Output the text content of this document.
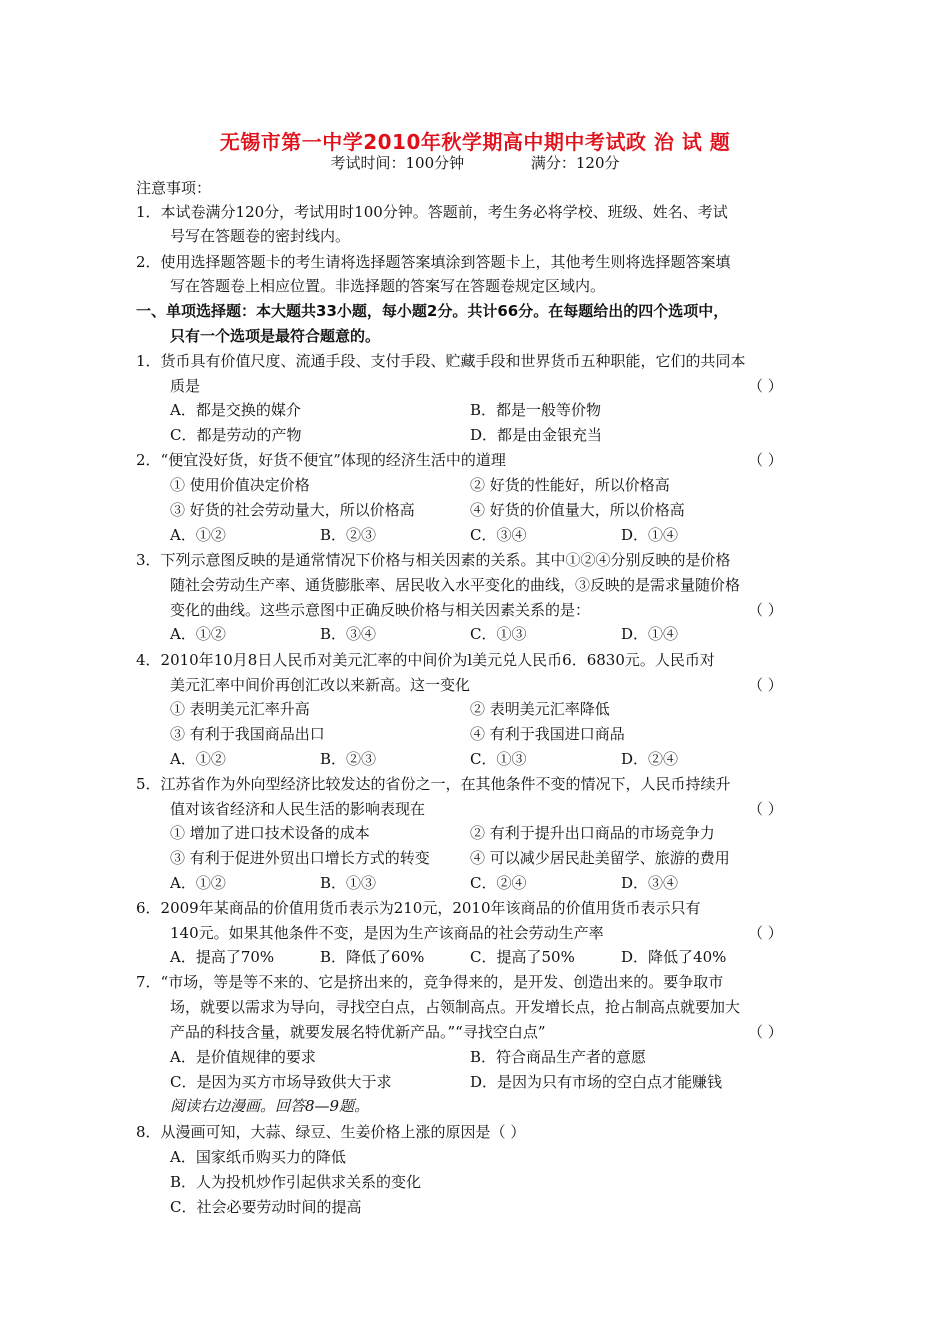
无锡市第一中学2010年秋学期高中期中考试政 治 试 题
考试时间：100分钟              满分：120分
注意事项：
1．本试卷满分120分，考试用时100分钟。答题前，考生务必将学校、班级、姓名、考试
号写在答题卷的密封线内。
2．使用选择题答题卡的考生请将选择题答案填涂到答题卡上，其他考生则将选择题答案填
写在答题卷上相应位置。非选择题的答案写在答题卷规定区域内。
一、单项选择题：本大题共33小题，每小题2分。共计66分。在每题给出的四个选项中，
只有一个选项是最符合题意的。
1．货币具有价值尺度、流通手段、支付手段、贮藏手段和世界货币五种职能，它们的共同本
质是	（ ）
A．都是交换的媒介	B．都是一般等价物
C．都是劳动的产物	D．都是由金银充当
2．“便宜没好货，好货不便宜”体现的经济生活中的道理	（ ）
① 使用价值决定价格	② 好货的性能好，所以价格高
③ 好货的社会劳动量大，所以价格高	④ 好货的价值量大，所以价格高
A．①②	B．②③	C．③④	D．①④
3．下列示意图反映的是通常情况下价格与相关因素的关系。其中①②④分别反映的是价格
随社会劳动生产率、通货膨胀率、居民收入水平变化的曲线，③反映的是需求量随价格
变化的曲线。这些示意图中正确反映价格与相关因素关系的是：	（ ）
A．①②	B．③④	C．①③	D．①④
4．2010年10月8日人民币对美元汇率的中间价为l美元兑人民币6．6830元。人民币对
美元汇率中间价再创汇改以来新高。这一变化	（ ）
① 表明美元汇率升高	② 表明美元汇率降低
③ 有利于我国商品出口	④ 有利于我国进口商品
A．①②	B．②③	C．①③	D．②④
5．江苏省作为外向型经济比较发达的省份之一，在其他条件不变的情况下，人民币持续升
值对该省经济和人民生活的影响表现在	（ ）
① 增加了进口技术设备的成本	② 有利于提升出口商品的市场竞争力
③ 有利于促进外贸出口增长方式的转变	④ 可以减少居民赴美留学、旅游的费用
A．①②	B．①③	C．②④	D．③④
6．2009年某商品的价值用货币表示为210元，2010年该商品的价值用货币表示只有
140元。如果其他条件不变，是因为生产该商品的社会劳动生产率	（ ）
A．提高了70%	B．降低了60%	C．提高了50%	D．降低了40%
7．“市场，等是等不来的、它是挤出来的，竞争得来的，是开发、创造出来的。要争取市
场，就要以需求为导向，寻找空白点，占领制高点。开发增长点，抢占制高点就要加大
产品的科技含量，就要发展名特优新产品。”“寻找空白点”	（ ）
A．是价值规律的要求	B．符合商品生产者的意愿
C．是因为买方市场导致供大于求	D．是因为只有市场的空白点才能赚钱
阅读右边漫画。回答8—9题。
8．从漫画可知，大蒜、绿豆、生姜价格上涨的原因是（ ）
A．国家纸币购买力的降低
B．人为投机炒作引起供求关系的变化
C．社会必要劳动时间的提高
